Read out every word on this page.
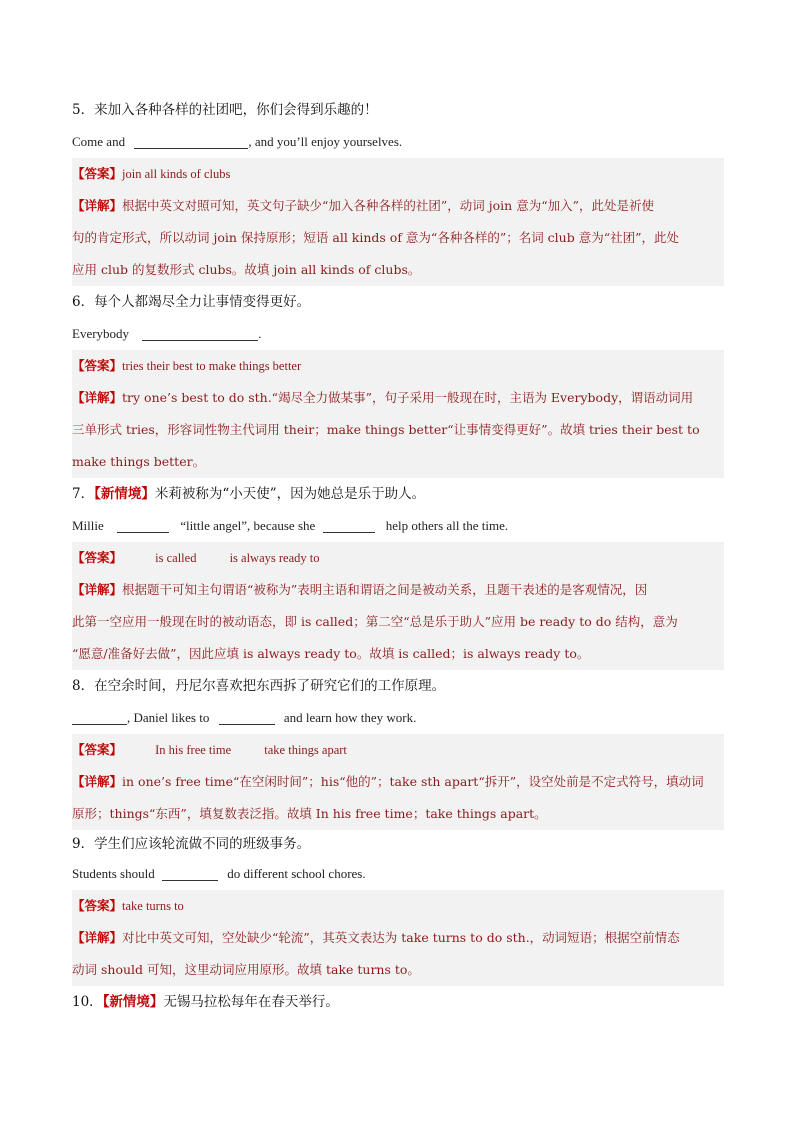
5．来加入各种各样的社团吧，你们会得到乐趣的！
Come and	, and you’ll enjoy yourselves.
【答案】join all kinds of clubs
【详解】根据中英文对照可知，英文句子缺少“加入各种各样的社团”，动词 join 意为“加入”，此处是祈使
句的肯定形式，所以动词 join 保持原形；短语 all kinds of 意为“各种各样的”；名词 club 意为“社团”，此处
应用 club 的复数形式 clubs。故填 join all kinds of clubs。
6．每个人都竭尽全力让事情变得更好。
Everybody	.
【答案】tries their best to make things better
【详解】try one’s best to do sth.“竭尽全力做某事”，句子采用一般现在时，主语为 Everybody，谓语动词用
三单形式 tries，形容词性物主代词用 their；make things better“让事情变得更好”。故填 tries their best to
make things better。
7．【新情境】米莉被称为“小天使”，因为她总是乐于助人。
Millie	“little angel”, because she	help others all the time.
【答案】	is called	is always ready to
【详解】根据题干可知主句谓语“被称为”表明主语和谓语之间是被动关系，且题干表述的是客观情况，因
此第一空应用一般现在时的被动语态，即 is called；第二空“总是乐于助人”应用 be ready to do 结构，意为
“愿意/准备好去做”，因此应填 is always ready to。故填 is called；is always ready to。
8．在空余时间，丹尼尔喜欢把东西拆了研究它们的工作原理。
, Daniel likes to	and learn how they work.
【答案】	In his free time	take things apart
【详解】in one’s free time“在空闲时间”；his“他的”；take sth apart“拆开”，设空处前是不定式符号，填动词
原形；things“东西”，填复数表泛指。故填 In his free time；take things apart。
9．学生们应该轮流做不同的班级事务。
Students should	do different school chores.
【答案】take turns to
【详解】对比中英文可知，空处缺少“轮流”，其英文表达为 take turns to do sth.，动词短语；根据空前情态
动词 should 可知，这里动词应用原形。故填 take turns to。
10．【新情境】无锡马拉松每年在春天举行。
